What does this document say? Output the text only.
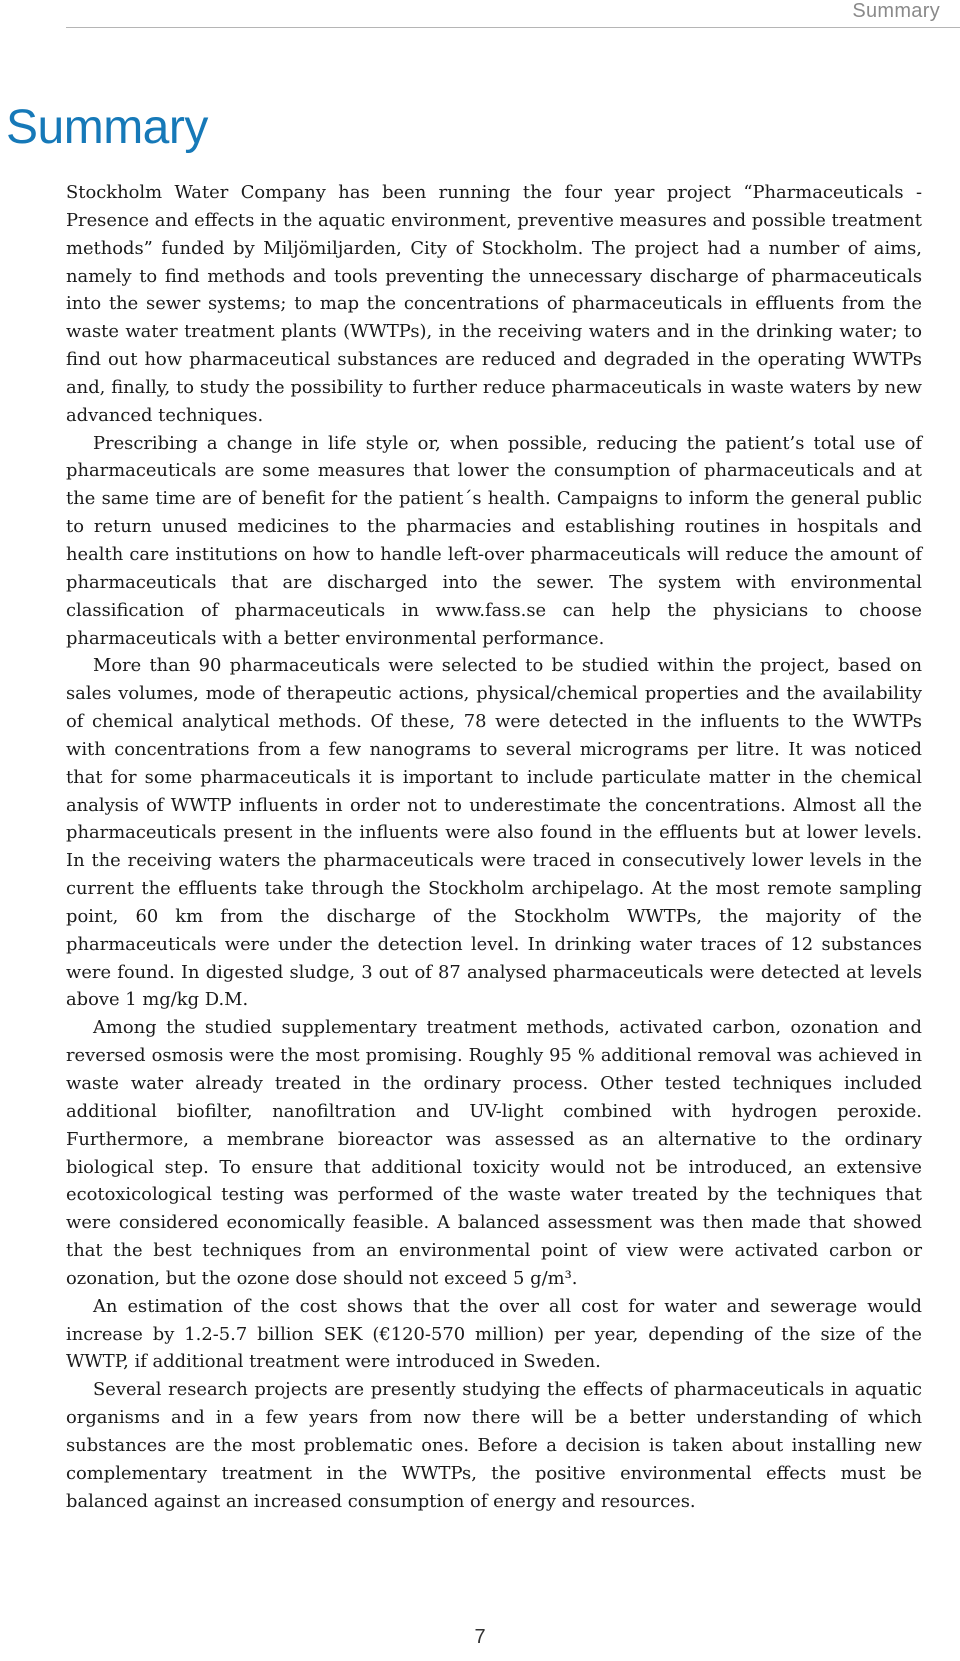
Summary
Summary

Stockholm Water Company has been running the four year project “Pharmaceuticals - Presence and effects in the aquatic environment, preventive measures and possible treatment methods” funded by Miljömiljarden, City of Stockholm. The project had a number of aims, namely to find methods and tools preventing the unnecessary discharge of pharmaceuticals into the sewer systems; to map the concentrations of pharmaceuticals in effluents from the waste water treatment plants (WWTPs), in the receiving waters and in the drinking water; to find out how pharmaceutical substances are reduced and degraded in the operating WWTPs and, finally, to study the possibility to further reduce pharmaceuticals in waste waters by new advanced techniques.

Prescribing a change in life style or, when possible, reducing the patient’s total use of pharmaceuticals are some measures that lower the consumption of pharmaceuticals and at the same time are of benefit for the patient´s health. Campaigns to inform the general public to return unused medicines to the pharmacies and establishing routines in hospitals and health care institutions on how to handle left-over pharmaceuticals will reduce the amount of pharmaceuticals that are discharged into the sewer. The system with environmental classification of pharmaceuticals in www.fass.se can help the physicians to choose pharmaceuticals with a better environmental performance.

More than 90 pharmaceuticals were selected to be studied within the project, based on sales volumes, mode of therapeutic actions, physical/chemical properties and the availability of chemical analytical methods. Of these, 78 were detected in the influents to the WWTPs with concentrations from a few nanograms to several micrograms per litre. It was noticed that for some pharmaceuticals it is important to include particulate matter in the chemical analysis of WWTP influents in order not to underestimate the concentrations. Almost all the pharmaceuticals present in the influents were also found in the effluents but at lower levels. In the receiving waters the pharmaceuticals were traced in consecutively lower levels in the current the effluents take through the Stockholm archipelago. At the most remote sampling point, 60 km from the discharge of the Stockholm WWTPs, the majority of the pharmaceuticals were under the detection level. In drinking water traces of 12 substances were found. In digested sludge, 3 out of 87 analysed pharmaceuticals were detected at levels above 1 mg/kg D.M.

Among the studied supplementary treatment methods, activated carbon, ozonation and reversed osmosis were the most promising. Roughly 95 % additional removal was achieved in waste water already treated in the ordinary process. Other tested techniques included additional biofilter, nanofiltration and UV-light combined with hydrogen peroxide. Furthermore, a membrane bioreactor was assessed as an alternative to the ordinary biological step. To ensure that additional toxicity would not be introduced, an extensive ecotoxicological testing was performed of the waste water treated by the techniques that were considered economically feasible. A balanced assessment was then made that showed that the best techniques from an environmental point of view were activated carbon or ozonation, but the ozone dose should not exceed 5 g/m³.

An estimation of the cost shows that the over all cost for water and sewerage would increase by 1.2-5.7 billion SEK (€120-570 million) per year, depending of the size of the WWTP, if additional treatment were introduced in Sweden.

Several research projects are presently studying the effects of pharmaceuticals in aquatic organisms and in a few years from now there will be a better understanding of which substances are the most problematic ones. Before a decision is taken about installing new complementary treatment in the WWTPs, the positive environmental effects must be balanced against an increased consumption of energy and resources.

7
